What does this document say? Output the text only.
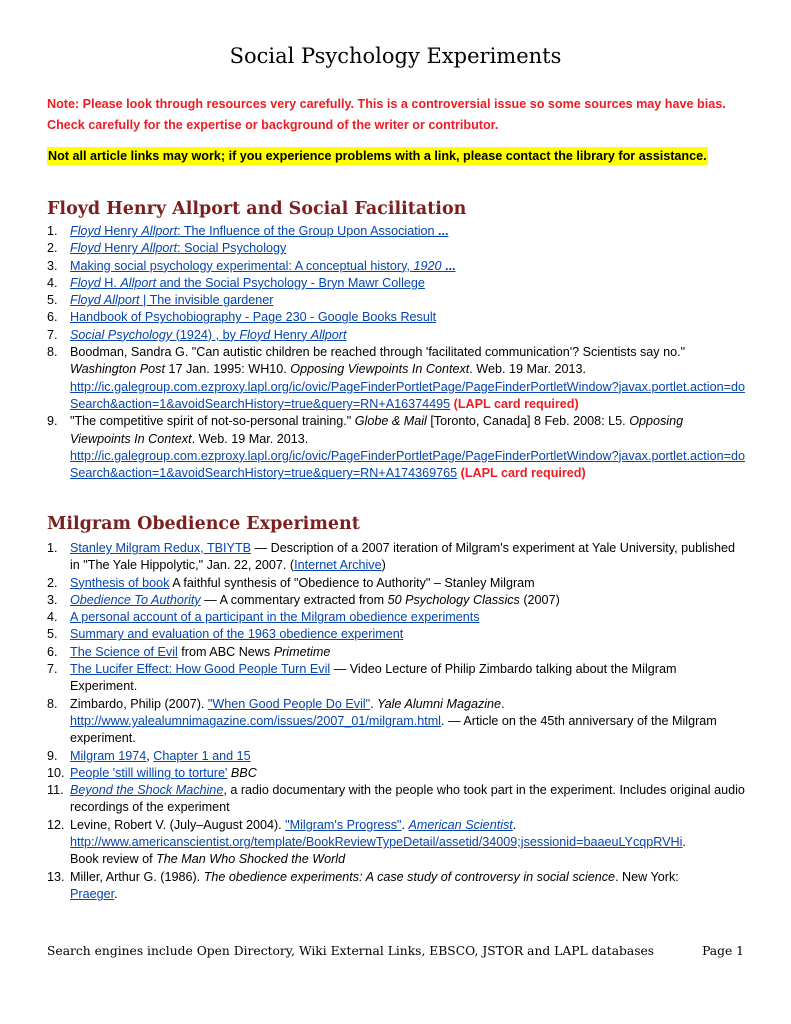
Social Psychology Experiments
Note: Please look through resources very carefully. This is a controversial issue so some sources may have bias. Check carefully for the expertise or background of the writer or contributor.
Not all article links may work; if you experience problems with a link, please contact the library for assistance.
Floyd Henry Allport and Social Facilitation
1. Floyd Henry Allport: The Influence of the Group Upon Association ...
2. Floyd Henry Allport: Social Psychology
3. Making social psychology experimental: A conceptual history, 1920 ...
4. Floyd H. Allport and the Social Psychology - Bryn Mawr College
5. Floyd Allport | The invisible gardener
6. Handbook of Psychobiography - Page 230 - Google Books Result
7. Social Psychology (1924) , by Floyd Henry Allport
8. Boodman, Sandra G. "Can autistic children be reached through 'facilitated communication'? Scientists say no." Washington Post 17 Jan. 1995: WH10. Opposing Viewpoints In Context. Web. 19 Mar. 2013.
http://ic.galegroup.com.ezproxy.lapl.org/ic/ovic/PageFinderPortletPage/PageFinderPortletWindow?javax.portlet.action=doSearch&action=1&avoidSearchHistory=true&query=RN+A16374495 (LAPL card required)
9. "The competitive spirit of not-so-personal training." Globe & Mail [Toronto, Canada] 8 Feb. 2008: L5. Opposing Viewpoints In Context. Web. 19 Mar. 2013.
http://ic.galegroup.com.ezproxy.lapl.org/ic/ovic/PageFinderPortletPage/PageFinderPortletWindow?javax.portlet.action=doSearch&action=1&avoidSearchHistory=true&query=RN+A174369765 (LAPL card required)
Milgram Obedience Experiment
1. Stanley Milgram Redux, TBIYTB — Description of a 2007 iteration of Milgram's experiment at Yale University, published in "The Yale Hippolytic," Jan. 22, 2007. (Internet Archive)
2. Synthesis of book A faithful synthesis of "Obedience to Authority" – Stanley Milgram
3. Obedience To Authority — A commentary extracted from 50 Psychology Classics (2007)
4. A personal account of a participant in the Milgram obedience experiments
5. Summary and evaluation of the 1963 obedience experiment
6. The Science of Evil from ABC News Primetime
7. The Lucifer Effect: How Good People Turn Evil — Video Lecture of Philip Zimbardo talking about the Milgram Experiment.
8. Zimbardo, Philip (2007). "When Good People Do Evil". Yale Alumni Magazine.
http://www.yalealumnimagazine.com/issues/2007_01/milgram.html. — Article on the 45th anniversary of the Milgram experiment.
9. Milgram 1974, Chapter 1 and 15
10. People 'still willing to torture' BBC
11. Beyond the Shock Machine, a radio documentary with the people who took part in the experiment. Includes original audio recordings of the experiment
12. Levine, Robert V. (July–August 2004). "Milgram's Progress". American Scientist.
http://www.americanscientist.org/template/BookReviewTypeDetail/assetid/34009;jsessionid=baaeuLYcqpRVHi.
Book review of The Man Who Shocked the World
13. Miller, Arthur G. (1986). The obedience experiments: A case study of controversy in social science. New York:
Praeger.
Search engines include Open Directory, Wiki External Links, EBSCO, JSTOR and LAPL databases	Page 1
